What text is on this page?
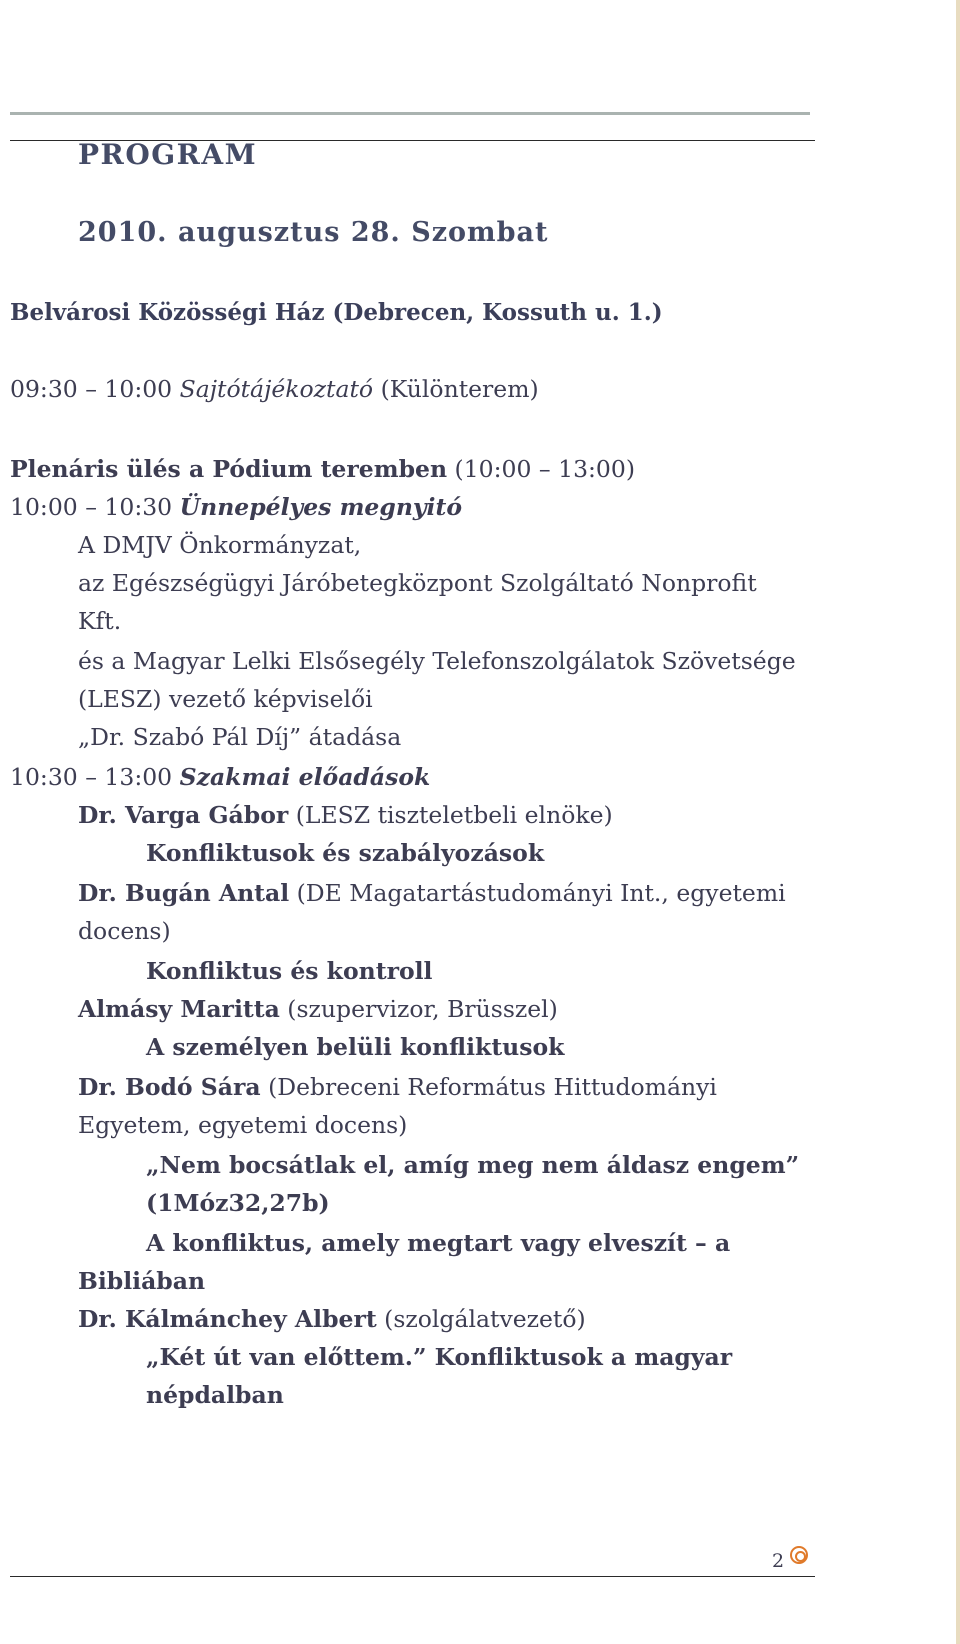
PROGRAM
2010. augusztus 28. Szombat
Belvárosi Közösségi Ház (Debrecen, Kossuth u. 1.)
09:30 – 10:00 Sajtótájékoztató (Különterem)
Plenáris ülés a Pódium teremben (10:00 – 13:00)
10:00 – 10:30 Ünnepélyes megnyitó
A DMJV Önkormányzat,
az Egészségügyi Járóbetegközpont Szolgáltató Nonprofit
Kft.
és a Magyar Lelki Elsősegély Telefonszolgálatok Szövetsége
(LESZ) vezető képviselői
„Dr. Szabó Pál Díj” átadása
10:30 – 13:00 Szakmai előadások
Dr. Varga Gábor (LESZ tiszteletbeli elnöke)
Konfliktusok és szabályozások
Dr. Bugán Antal (DE Magatartástudományi Int., egyetemi
docens)
Konfliktus és kontroll
Almásy Maritta (szupervizor, Brüsszel)
A személyen belüli konfliktusok
Dr. Bodó Sára (Debreceni Református Hittudományi
Egyetem, egyetemi docens)
„Nem bocsátlak el, amíg meg nem áldasz engem”
(1Móz32,27b)
A konfliktus, amely megtart vagy elveszít – a
Bibliában
Dr. Kálmánchey Albert (szolgálatvezető)
„Két út van előttem.” Konfliktusok a magyar
népdalban
2
